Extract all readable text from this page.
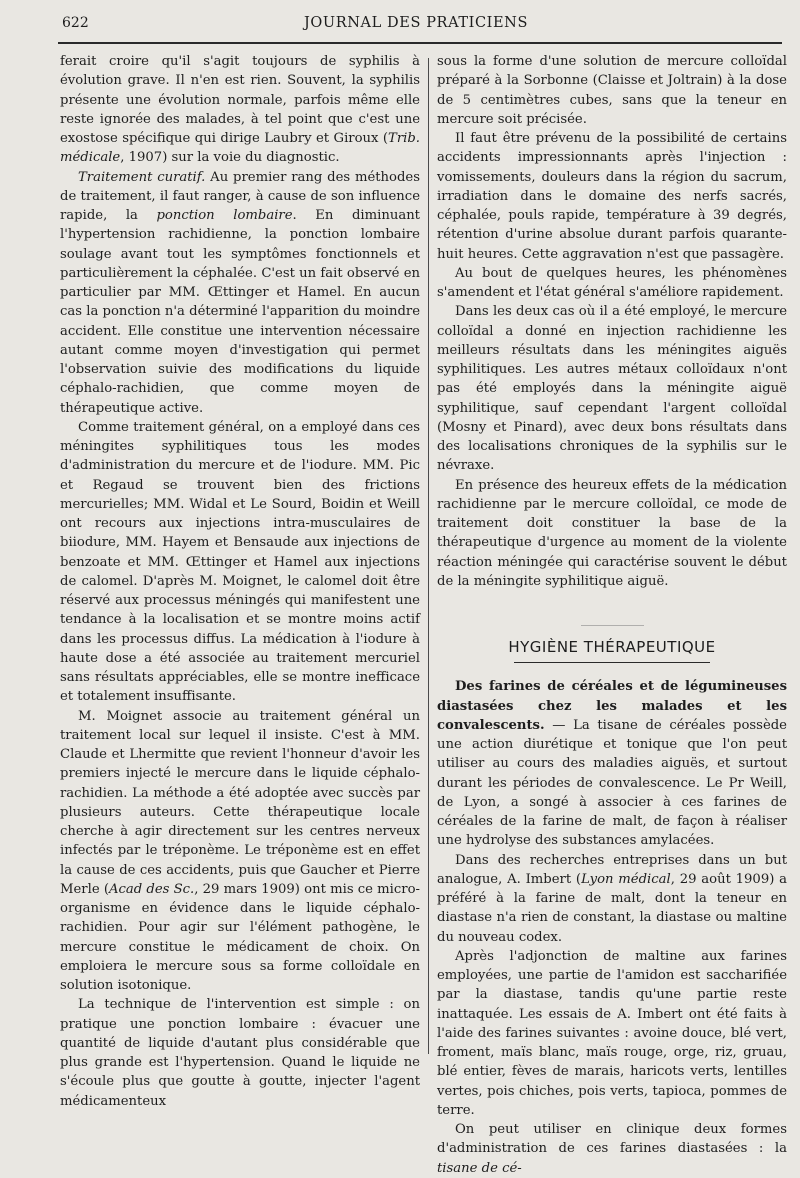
622	JOURNAL DES PRATICIENS

ferait croire qu'il s'agit toujours de syphilis à évolution grave. Il n'en est rien. Souvent, la syphilis présente une évolution normale, parfois même elle reste ignorée des malades, à tel point que c'est une exostose spécifique qui dirige Laubry et Giroux (Trib. médicale, 1907) sur la voie du diagnostic.

Traitement curatif. Au premier rang des méthodes de traitement, il faut ranger, à cause de son influence rapide, la ponction lombaire. En diminuant l'hypertension rachidienne, la ponction lombaire soulage avant tout les symptômes fonctionnels et particulièrement la céphalée. C'est un fait observé en particulier par MM. Œttinger et Hamel. En aucun cas la ponction n'a déterminé l'apparition du moindre accident. Elle constitue une intervention nécessaire autant comme moyen d'investigation qui permet l'observation suivie des modifications du liquide céphalo-rachidien, que comme moyen de thérapeutique active.

Comme traitement général, on a employé dans ces méningites syphilitiques tous les modes d'administration du mercure et de l'iodure. MM. Pic et Regaud se trouvent bien des frictions mercurielles; MM. Widal et Le Sourd, Boidin et Weill ont recours aux injections intra-musculaires de biiodure, MM. Hayem et Bensaude aux injections de benzoate et MM. Œttinger et Hamel aux injections de calomel. D'après M. Moignet, le calomel doit être réservé aux processus méningés qui manifestent une tendance à la localisation et se montre moins actif dans les processus diffus. La médication à l'iodure à haute dose a été associée au traitement mercuriel sans résultats appréciables, elle se montre inefficace et totalement insuffisante.

M. Moignet associe au traitement général un traitement local sur lequel il insiste. C'est à MM. Claude et Lhermitte que revient l'honneur d'avoir les premiers injecté le mercure dans le liquide céphalo-rachidien. La méthode a été adoptée avec succès par plusieurs auteurs. Cette thérapeutique locale cherche à agir directement sur les centres nerveux infectés par le tréponème. Le tréponème est en effet la cause de ces accidents, puis que Gaucher et Pierre Merle (Acad des Sc., 29 mars 1909) ont mis ce micro-organisme en évidence dans le liquide céphalo-rachidien. Pour agir sur l'élément pathogène, le mercure constitue le médicament de choix. On emploiera le mercure sous sa forme colloïdale en solution isotonique.

La technique de l'intervention est simple : on pratique une ponction lombaire : évacuer une quantité de liquide d'autant plus considérable que plus grande est l'hypertension. Quand le liquide ne s'écoule plus que goutte à goutte, injecter l'agent médicamenteux

sous la forme d'une solution de mercure colloïdal préparé à la Sorbonne (Claisse et Joltrain) à la dose de 5 centimètres cubes, sans que la teneur en mercure soit précisée.

Il faut être prévenu de la possibilité de certains accidents impressionnants après l'injection : vomissements, douleurs dans la région du sacrum, irradiation dans le domaine des nerfs sacrés, céphalée, pouls rapide, température à 39 degrés, rétention d'urine absolue durant parfois quarante-huit heures. Cette aggravation n'est que passagère.

Au bout de quelques heures, les phénomènes s'amendent et l'état général s'améliore rapidement.

Dans les deux cas où il a été employé, le mercure colloïdal a donné en injection rachidienne les meilleurs résultats dans les méningites aiguës syphilitiques. Les autres métaux colloïdaux n'ont pas été employés dans la méningite aiguë syphilitique, sauf cependant l'argent colloïdal (Mosny et Pinard), avec deux bons résultats dans des localisations chroniques de la syphilis sur le névraxe.

En présence des heureux effets de la médication rachidienne par le mercure colloïdal, ce mode de traitement doit constituer la base de la thérapeutique d'urgence au moment de la violente réaction méningée qui caractérise souvent le début de la méningite syphilitique aiguë.

HYGIÈNE THÉRAPEUTIQUE

Des farines de céréales et de légumineuses diastasées chez les malades et les convalescents. — La tisane de céréales possède une action diurétique et tonique que l'on peut utiliser au cours des maladies aiguës, et surtout durant les périodes de convalescence. Le Pr Weill, de Lyon, a songé à associer à ces farines de céréales de la farine de malt, de façon à réaliser une hydrolyse des substances amylacées.

Dans des recherches entreprises dans un but analogue, A. Imbert (Lyon médical, 29 août 1909) a préféré à la farine de malt, dont la teneur en diastase n'a rien de constant, la diastase ou maltine du nouveau codex.

Après l'adjonction de maltine aux farines employées, une partie de l'amidon est saccharifiée par la diastase, tandis qu'une partie reste inattaquée. Les essais de A. Imbert ont été faits à l'aide des farines suivantes : avoine douce, blé vert, froment, maïs blanc, maïs rouge, orge, riz, gruau, blé entier, fèves de marais, haricots verts, lentilles vertes, pois chiches, pois verts, tapioca, pommes de terre.

On peut utiliser en clinique deux formes d'administration de ces farines diastasées : la tisane de cé-
